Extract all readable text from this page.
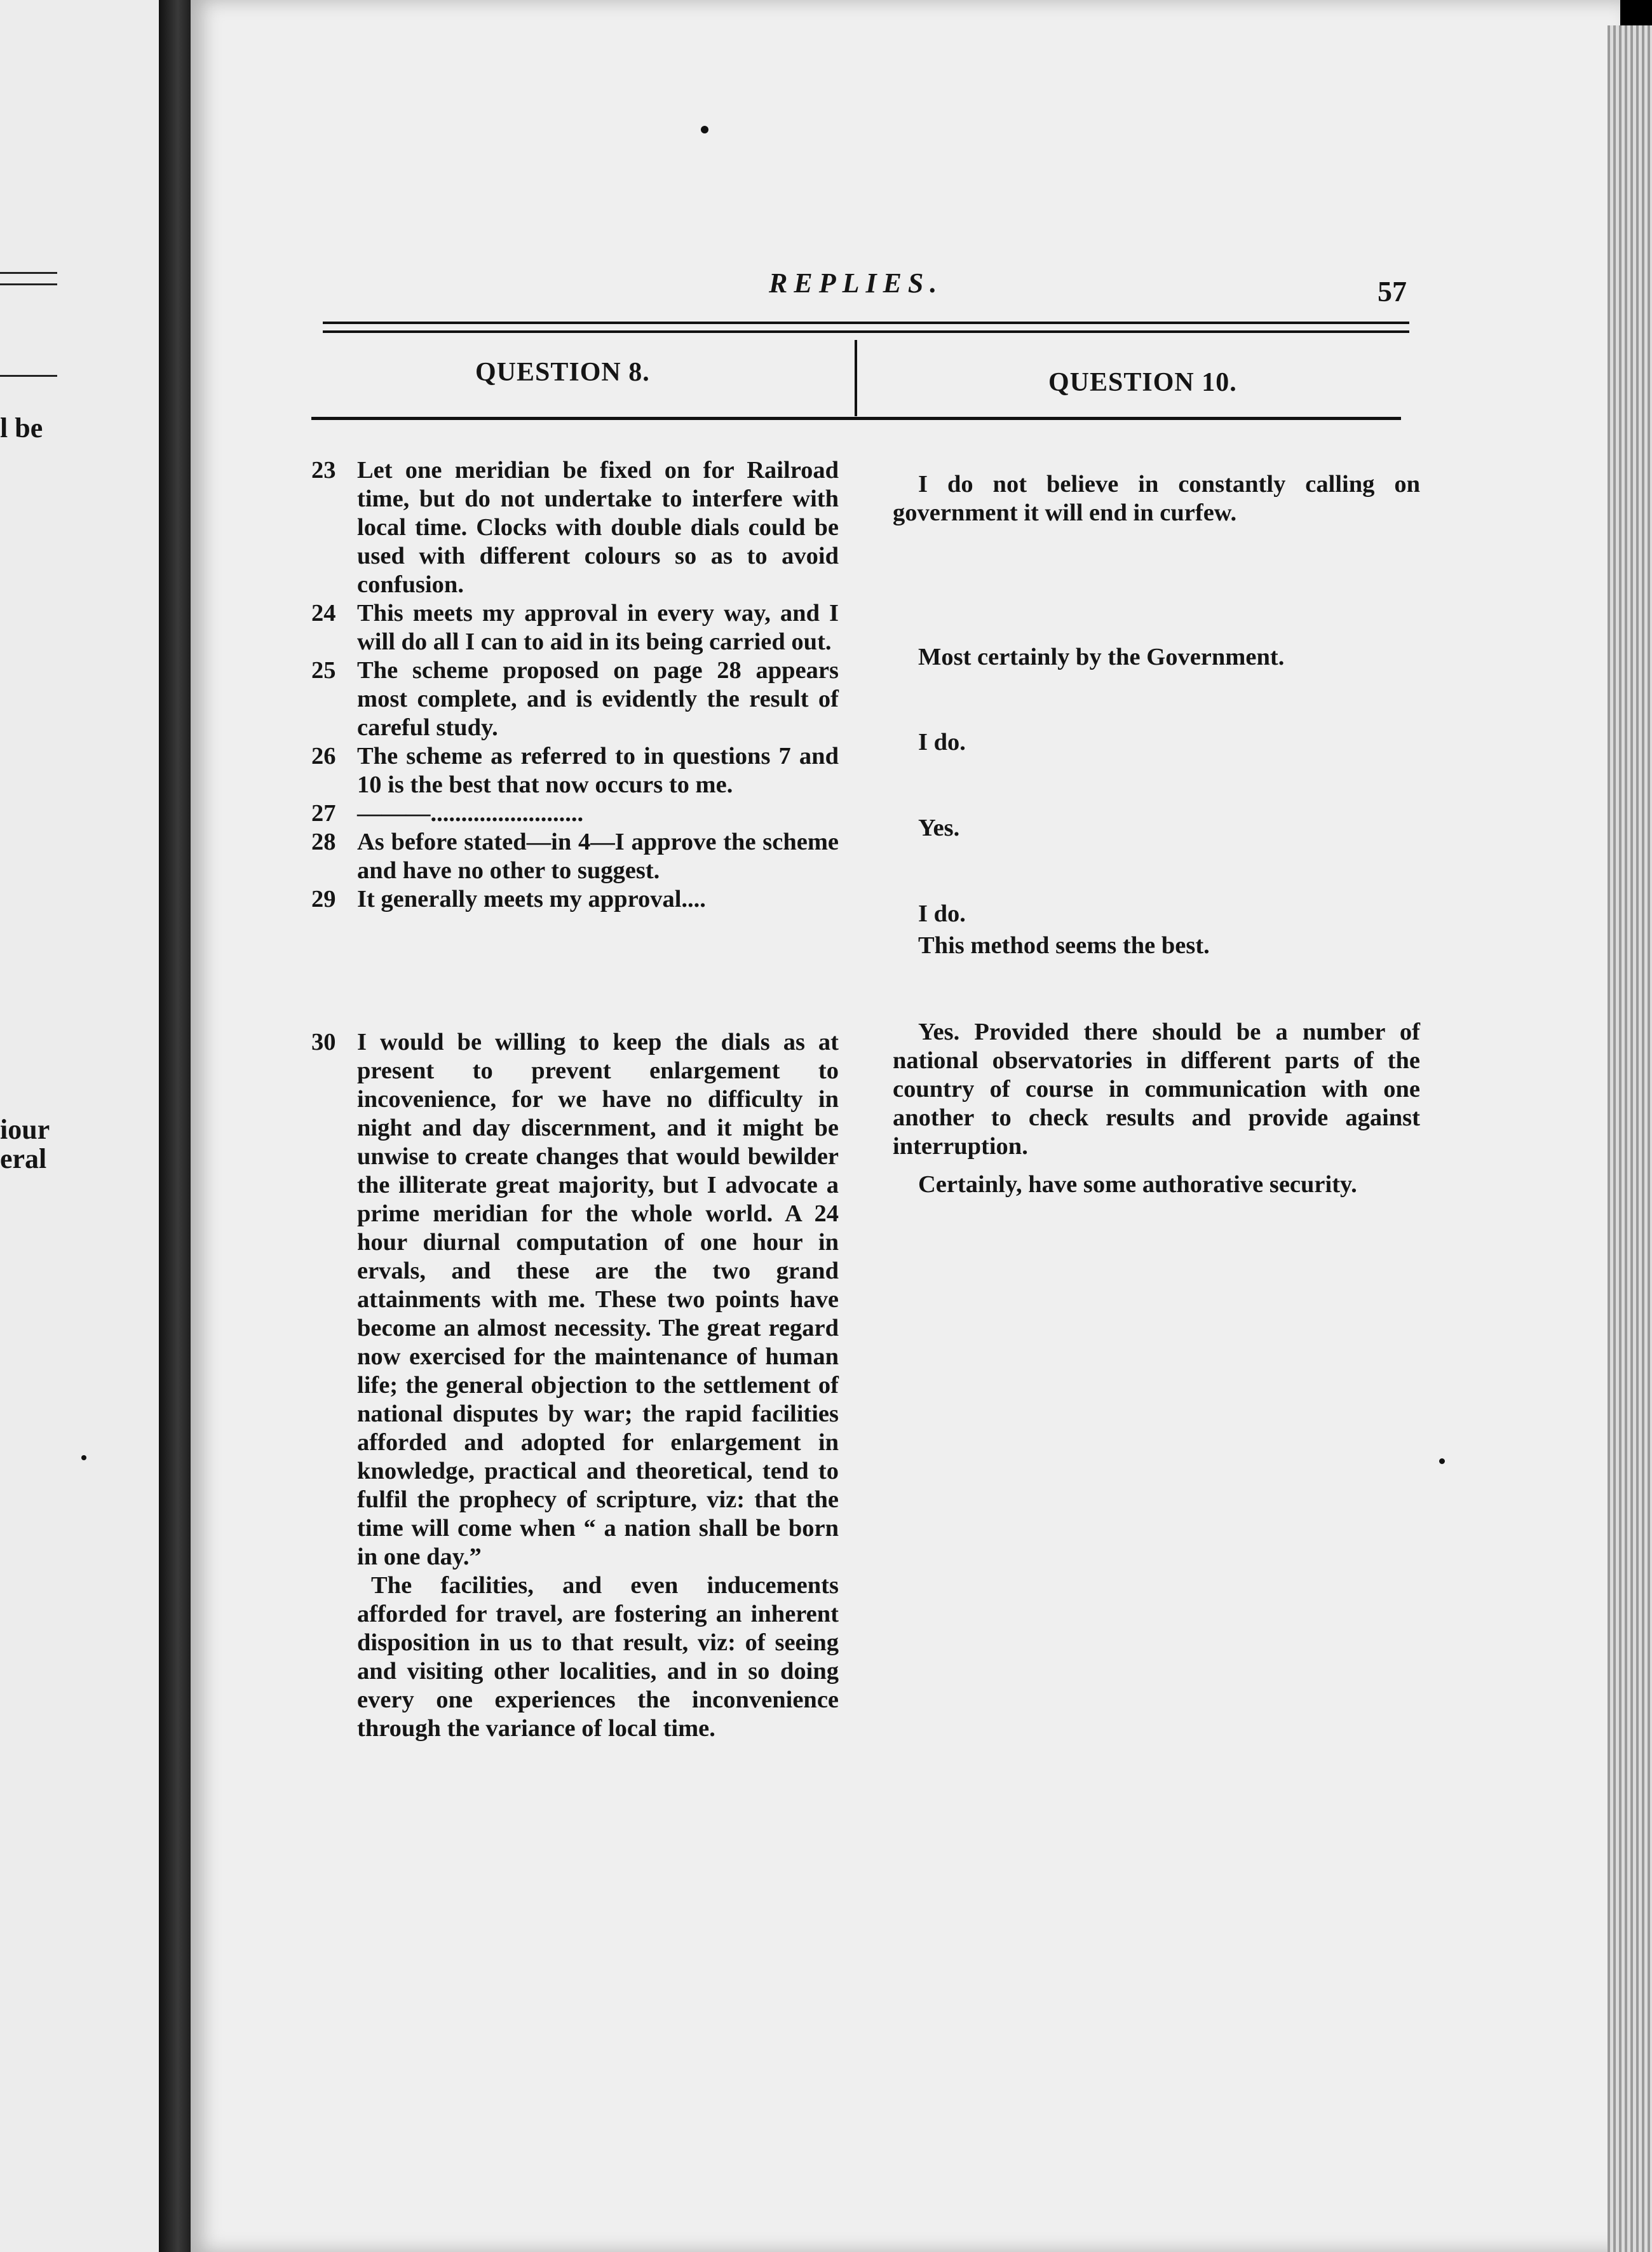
l be
iour
eral
REPLIES.	57
QUESTION 8.	QUESTION 10.
23 Let one meridian be fixed on for Railroad time, but do not undertake to interfere with local time. Clocks with double dials could be used with different colours so as to avoid confusion.
24 This meets my approval in every way, and I will do all I can to aid in its being carried out.
25 The scheme proposed on page 28 appears most complete, and is evidently the result of careful study.
26 The scheme as referred to in questions 7 and 10 is the best that now occurs to me.
27 ———.........................
28 As before stated—in 4—I approve the scheme and have no other to suggest.
29 It generally meets my approval....
30 I would be willing to keep the dials as at present to prevent enlargement to incovenience, for we have no difficulty in night and day discernment, and it might be unwise to create changes that would bewilder the illiterate great majority, but I advocate a prime meridian for the whole world. A 24 hour diurnal computation of one hour in ervals, and these are the two grand attainments with me. These two points have become an almost necessity. The great regard now exercised for the maintenance of human life; the general objection to the settlement of national disputes by war; the rapid facilities afforded and adopted for enlargement in knowledge, practical and theoretical, tend to fulfil the prophecy of scripture, viz: that the time will come when “ a nation shall be born in one day.”
The facilities, and even inducements afforded for travel, are fostering an inherent disposition in us to that result, viz: of seeing and visiting other localities, and in so doing every one experiences the inconvenience through the variance of local time.
I do not believe in constantly calling on government it will end in curfew.
Most certainly by the Government.
I do.
Yes.
I do.
This method seems the best.
Yes. Provided there should be a number of national observatories in different parts of the country of course in communication with one another to check results and provide against interruption.
Certainly, have some authorative security.
